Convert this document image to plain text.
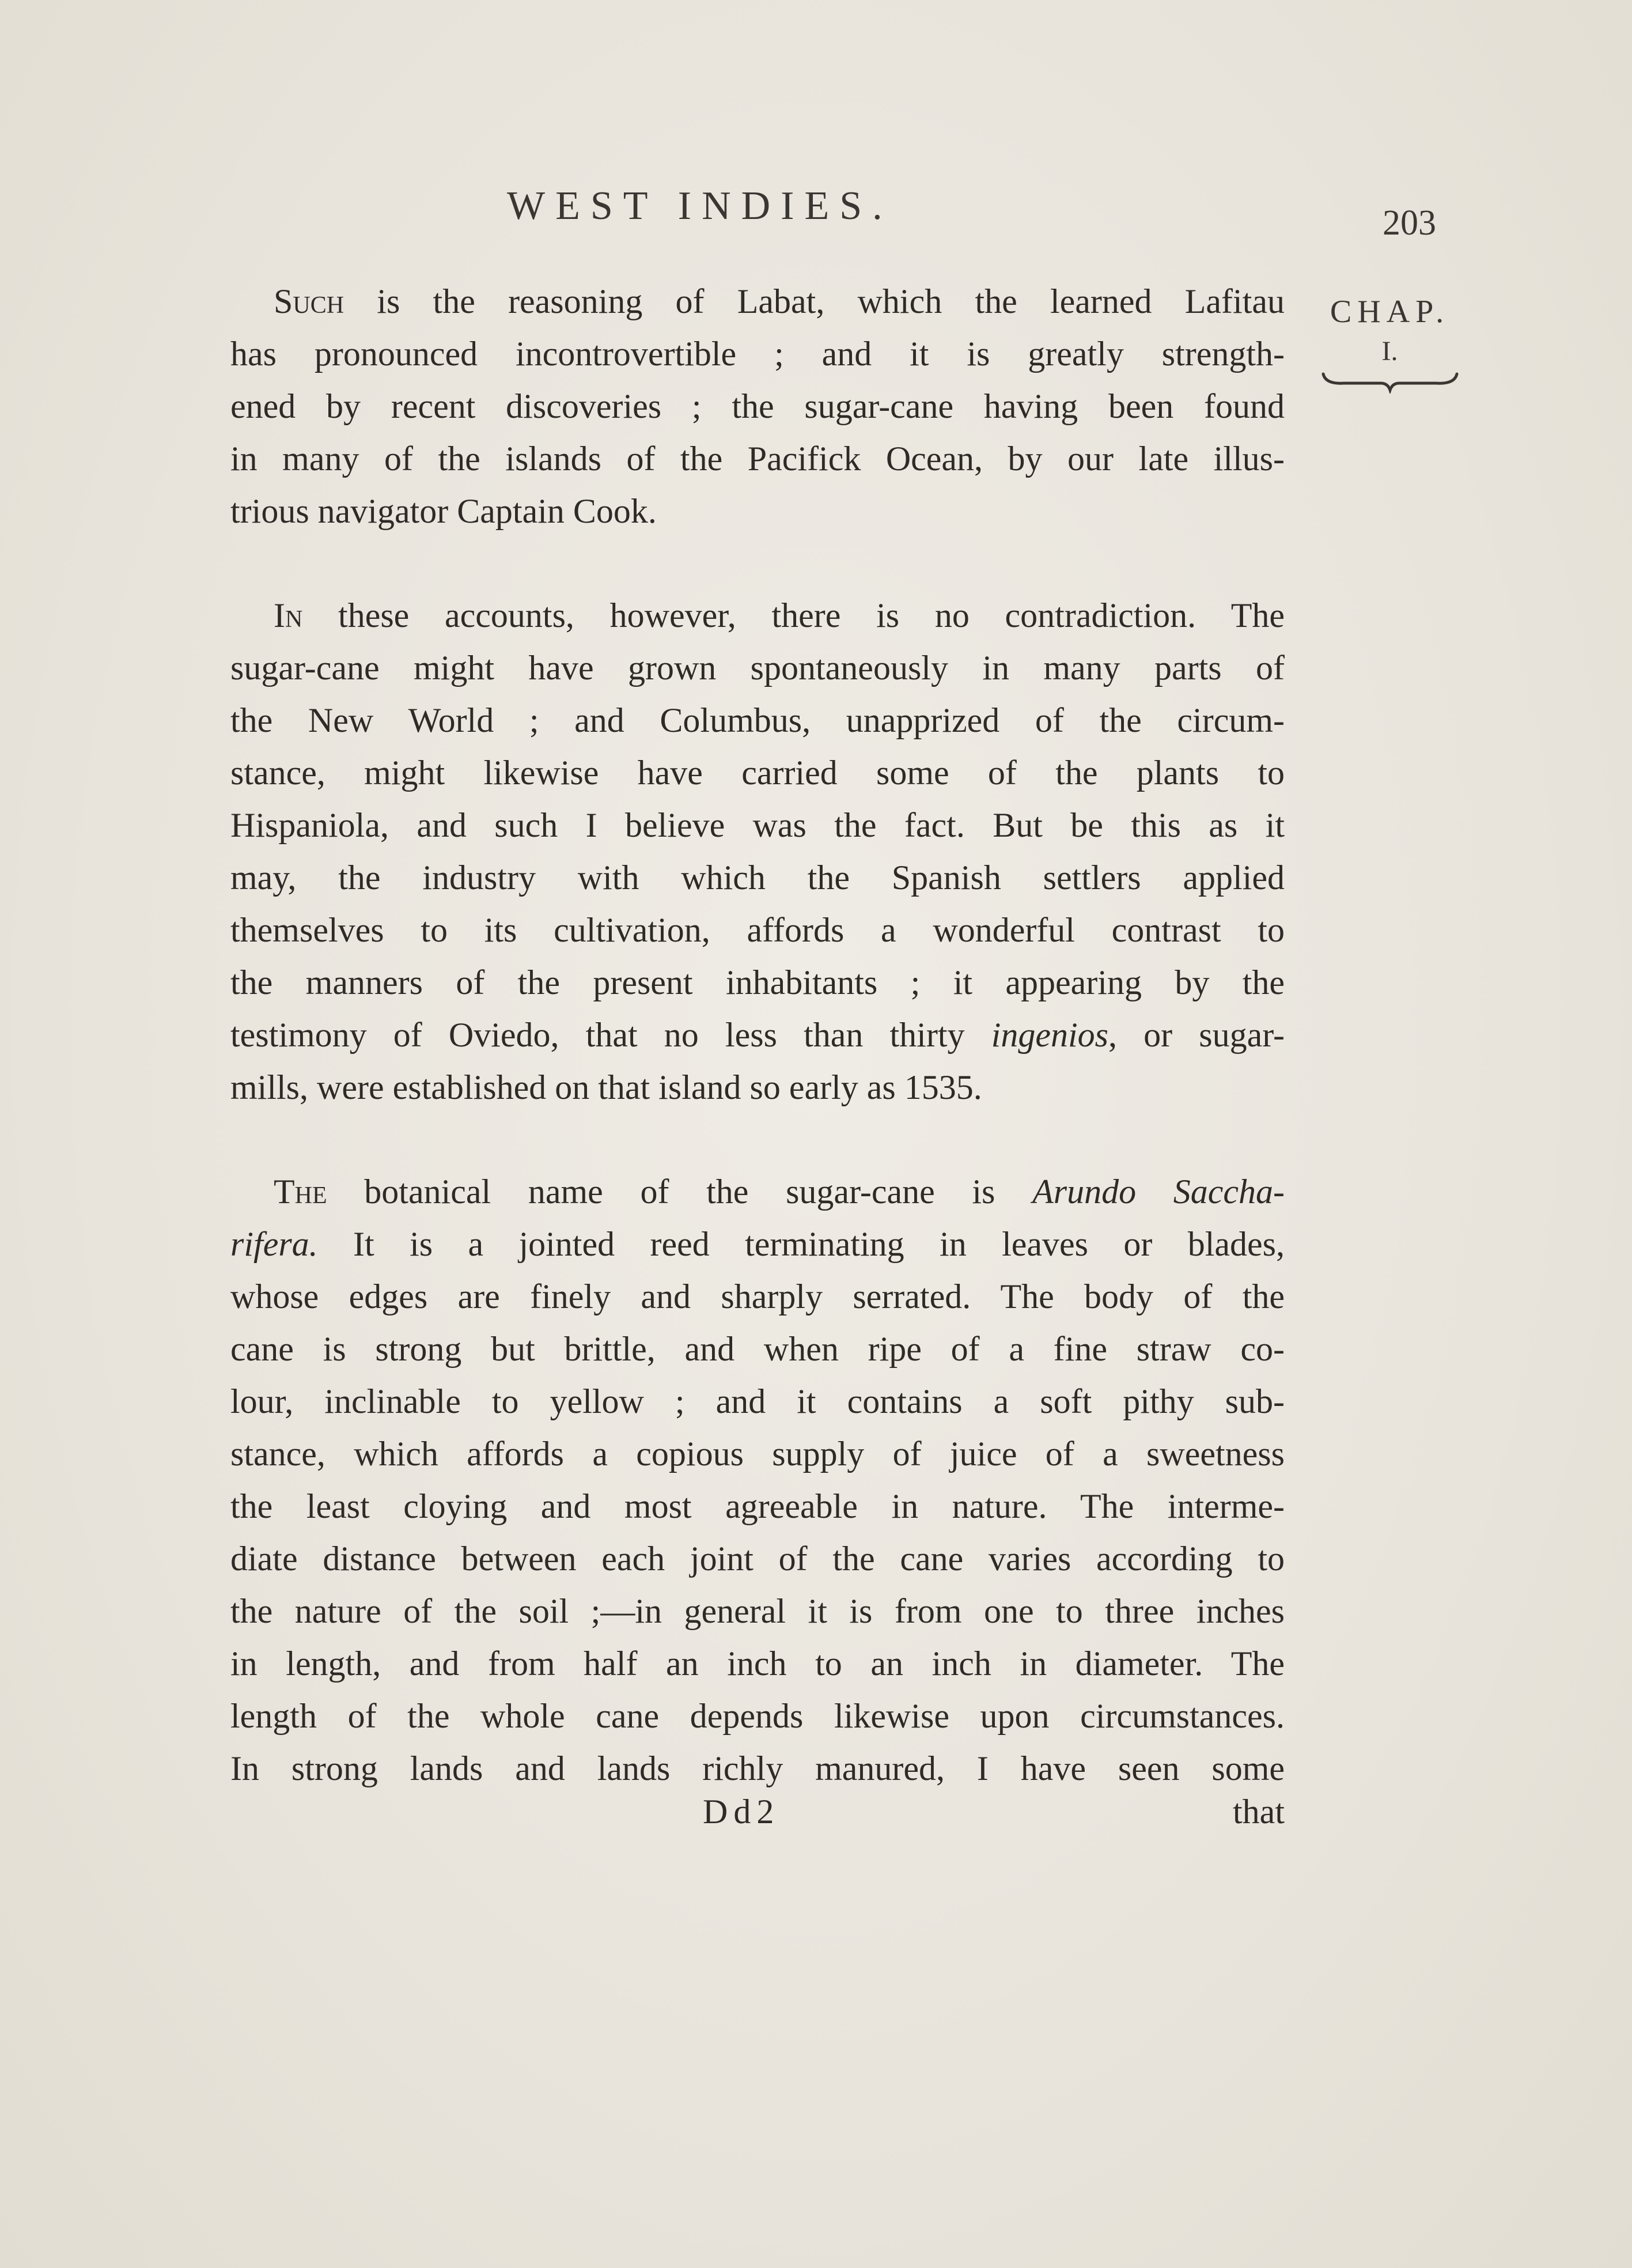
WEST INDIES.	203
CHAP.
I.
Such is the reasoning of Labat, which the learned Lafitau
has pronounced incontrovertible ; and it is greatly strength-
ened by recent discoveries ; the sugar-cane having been found
in many of the islands of the Pacifick Ocean, by our late illus-
trious navigator Captain Cook.
In these accounts, however, there is no contradiction. The
sugar-cane might have grown spontaneously in many parts of
the New World ; and Columbus, unapprized of the circum-
stance, might likewise have carried some of the plants to
Hispaniola, and such I believe was the fact. But be this as it
may, the industry with which the Spanish settlers applied
themselves to its cultivation, affords a wonderful contrast to
the manners of the present inhabitants ; it appearing by the
testimony of Oviedo, that no less than thirty ingenios, or sugar-
mills, were established on that island so early as 1535.
The botanical name of the sugar-cane is Arundo Saccha-
rifera. It is a jointed reed terminating in leaves or blades,
whose edges are finely and sharply serrated. The body of the
cane is strong but brittle, and when ripe of a fine straw co-
lour, inclinable to yellow ; and it contains a soft pithy sub-
stance, which affords a copious supply of juice of a sweetness
the least cloying and most agreeable in nature. The interme-
diate distance between each joint of the cane varies according to
the nature of the soil ;—in general it is from one to three inches
in length, and from half an inch to an inch in diameter. The
length of the whole cane depends likewise upon circumstances.
In strong lands and lands richly manured, I have seen some
Dd2	that
